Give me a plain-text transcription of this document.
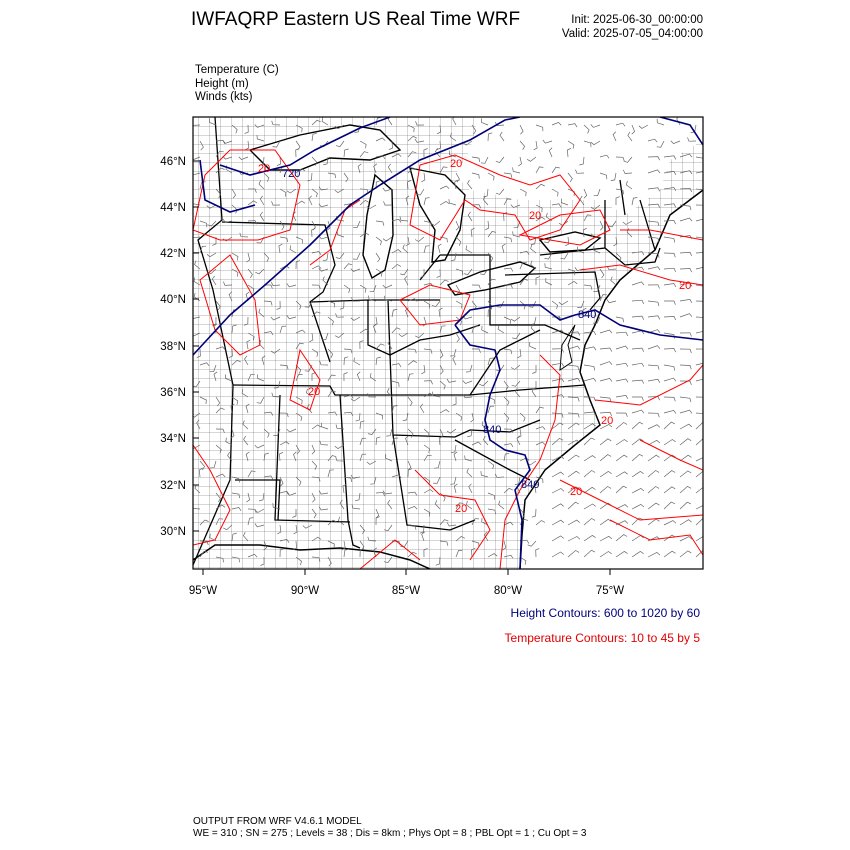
IWFAQRP Eastern US Real Time WRF	Init: 2025-06-30_00:00:00
Valid: 2025-07-05_04:00:00
Temperature (C)
Height (m)
Winds (kts)
720
840
840
840
20
20
20
20
20
20
20
20
46°N
44°N
42°N
40°N
38°N
36°N
34°N
32°N
30°N
95°W	90°W	85°W	80°W	75°W
Height Contours: 600 to 1020 by 60
Temperature Contours: 10 to 45 by 5
OUTPUT FROM WRF V4.6.1 MODEL
WE = 310 ; SN = 275 ; Levels = 38 ; Dis = 8km ; Phys Opt = 8 ; PBL Opt = 1 ; Cu Opt = 3
